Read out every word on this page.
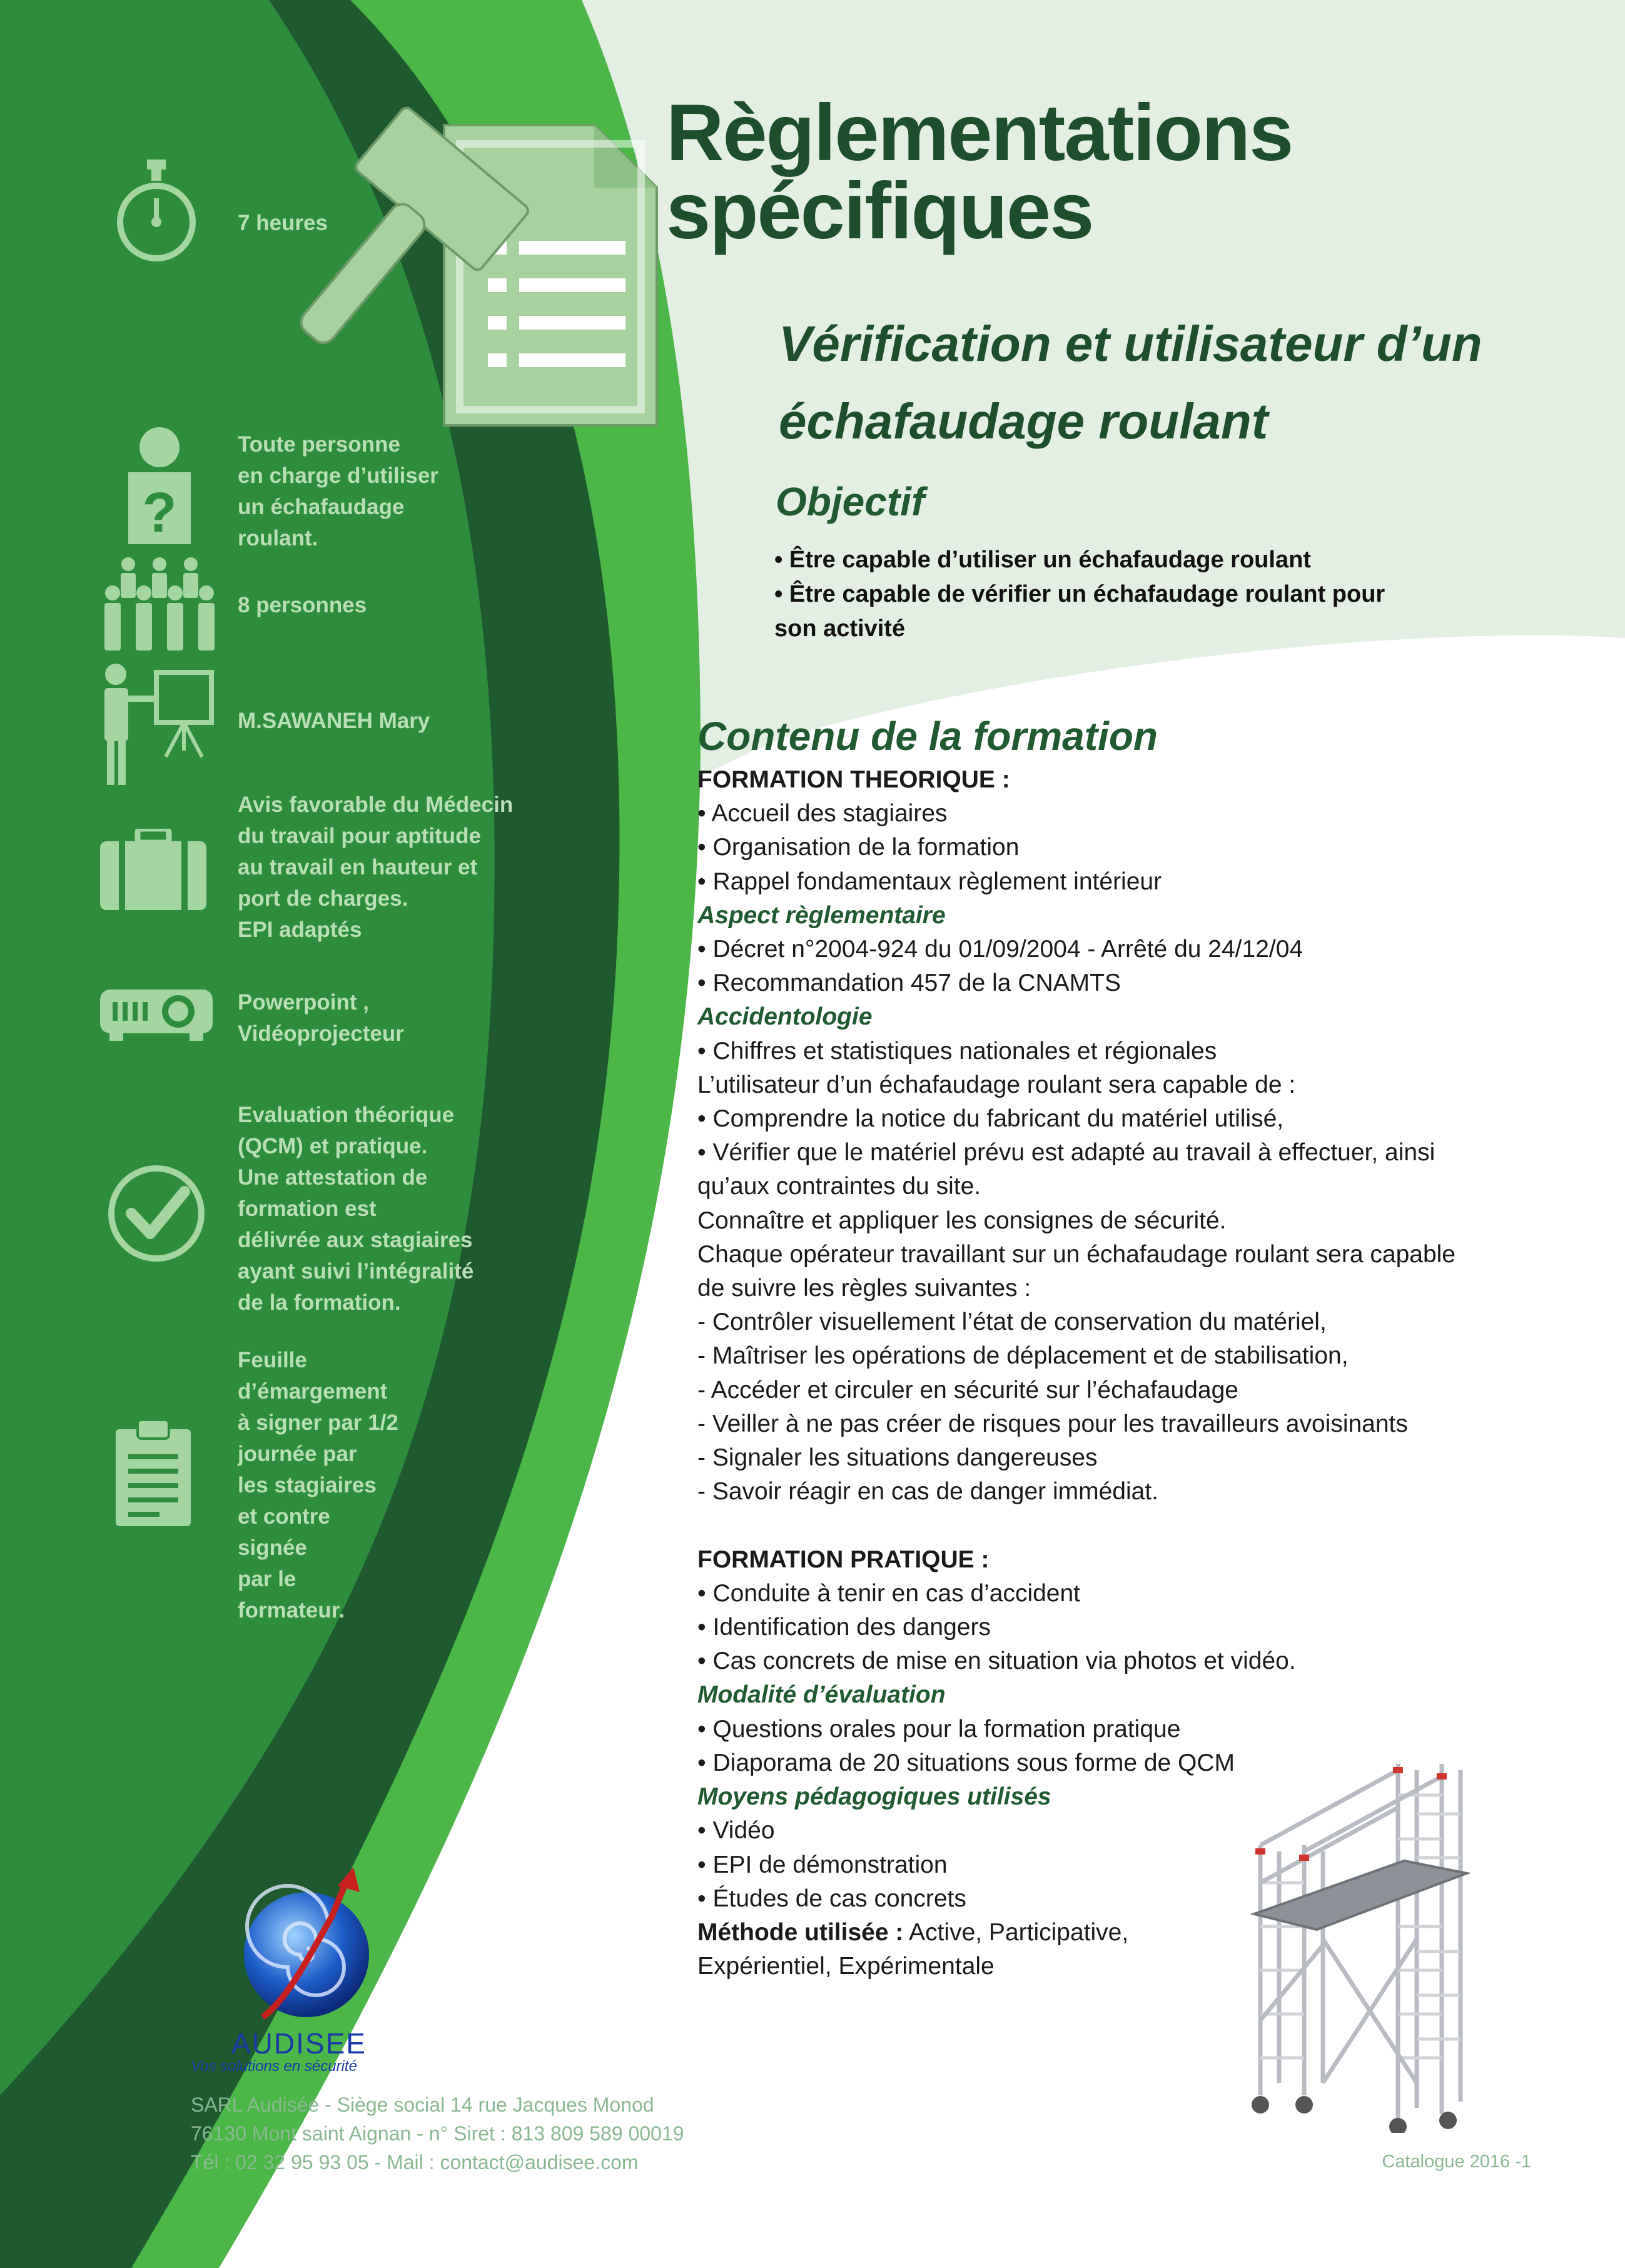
Règlementations
spécifiques
Vérification et utilisateur d’un
échafaudage roulant
Objectif
• Être capable d’utiliser un échafaudage roulant
• Être capable de vérifier un échafaudage roulant pour
son activité
?
7 heures
Toute personne
en charge d’utiliser
un échafaudage
roulant.
8 personnes
M.SAWANEH Mary
Avis favorable du Médecin
du travail pour aptitude
au travail en hauteur et
port de charges.
EPI adaptés
Powerpoint ,
Vidéoprojecteur
Evaluation théorique
(QCM) et pratique.
Une attestation de
formation est
délivrée aux stagiaires
ayant suivi l’intégralité
de la formation.
Feuille
d’émargement
à signer par 1/2
journée par
les stagiaires
et contre
signée
par le
formateur.
Contenu de la formation
FORMATION THEORIQUE :
• Accueil des stagiaires
• Organisation de la formation
• Rappel fondamentaux règlement intérieur
Aspect règlementaire
• Décret n°2004-924 du 01/09/2004 - Arrêté du 24/12/04
• Recommandation 457 de la CNAMTS
Accidentologie
• Chiffres et statistiques nationales et régionales
L’utilisateur d’un échafaudage roulant sera capable de :
• Comprendre la notice du fabricant du matériel utilisé,
• Vérifier que le matériel prévu est adapté au travail à effectuer, ainsi
qu’aux contraintes du site.
Connaître et appliquer les consignes de sécurité.
Chaque opérateur travaillant sur un échafaudage roulant sera capable
de suivre les règles suivantes :
- Contrôler visuellement l’état de conservation du matériel,
- Maîtriser les opérations de déplacement et de stabilisation,
- Accéder et circuler en sécurité sur l’échafaudage
- Veiller à ne pas créer de risques pour les travailleurs avoisinants
- Signaler les situations dangereuses
- Savoir réagir en cas de danger immédiat.

FORMATION PRATIQUE :
• Conduite à tenir en cas d’accident
• Identification des dangers
• Cas concrets de mise en situation via photos et vidéo.
Modalité d’évaluation
• Questions orales pour la formation pratique
• Diaporama de 20 situations sous forme de QCM
Moyens pédagogiques utilisés
• Vidéo
• EPI de démonstration
• Études de cas concrets
Méthode utilisée : Active, Participative,
Expérientiel, Expérimentale
AUDISEE
Vos solutions en sécurité
SARL Audisée - Siège social 14 rue Jacques Monod
76130 Mont saint Aignan - n° Siret : 813 809 589 00019
Tél : 02 32 95 93 05 - Mail : contact@audisee.com	Catalogue 2016 -1
